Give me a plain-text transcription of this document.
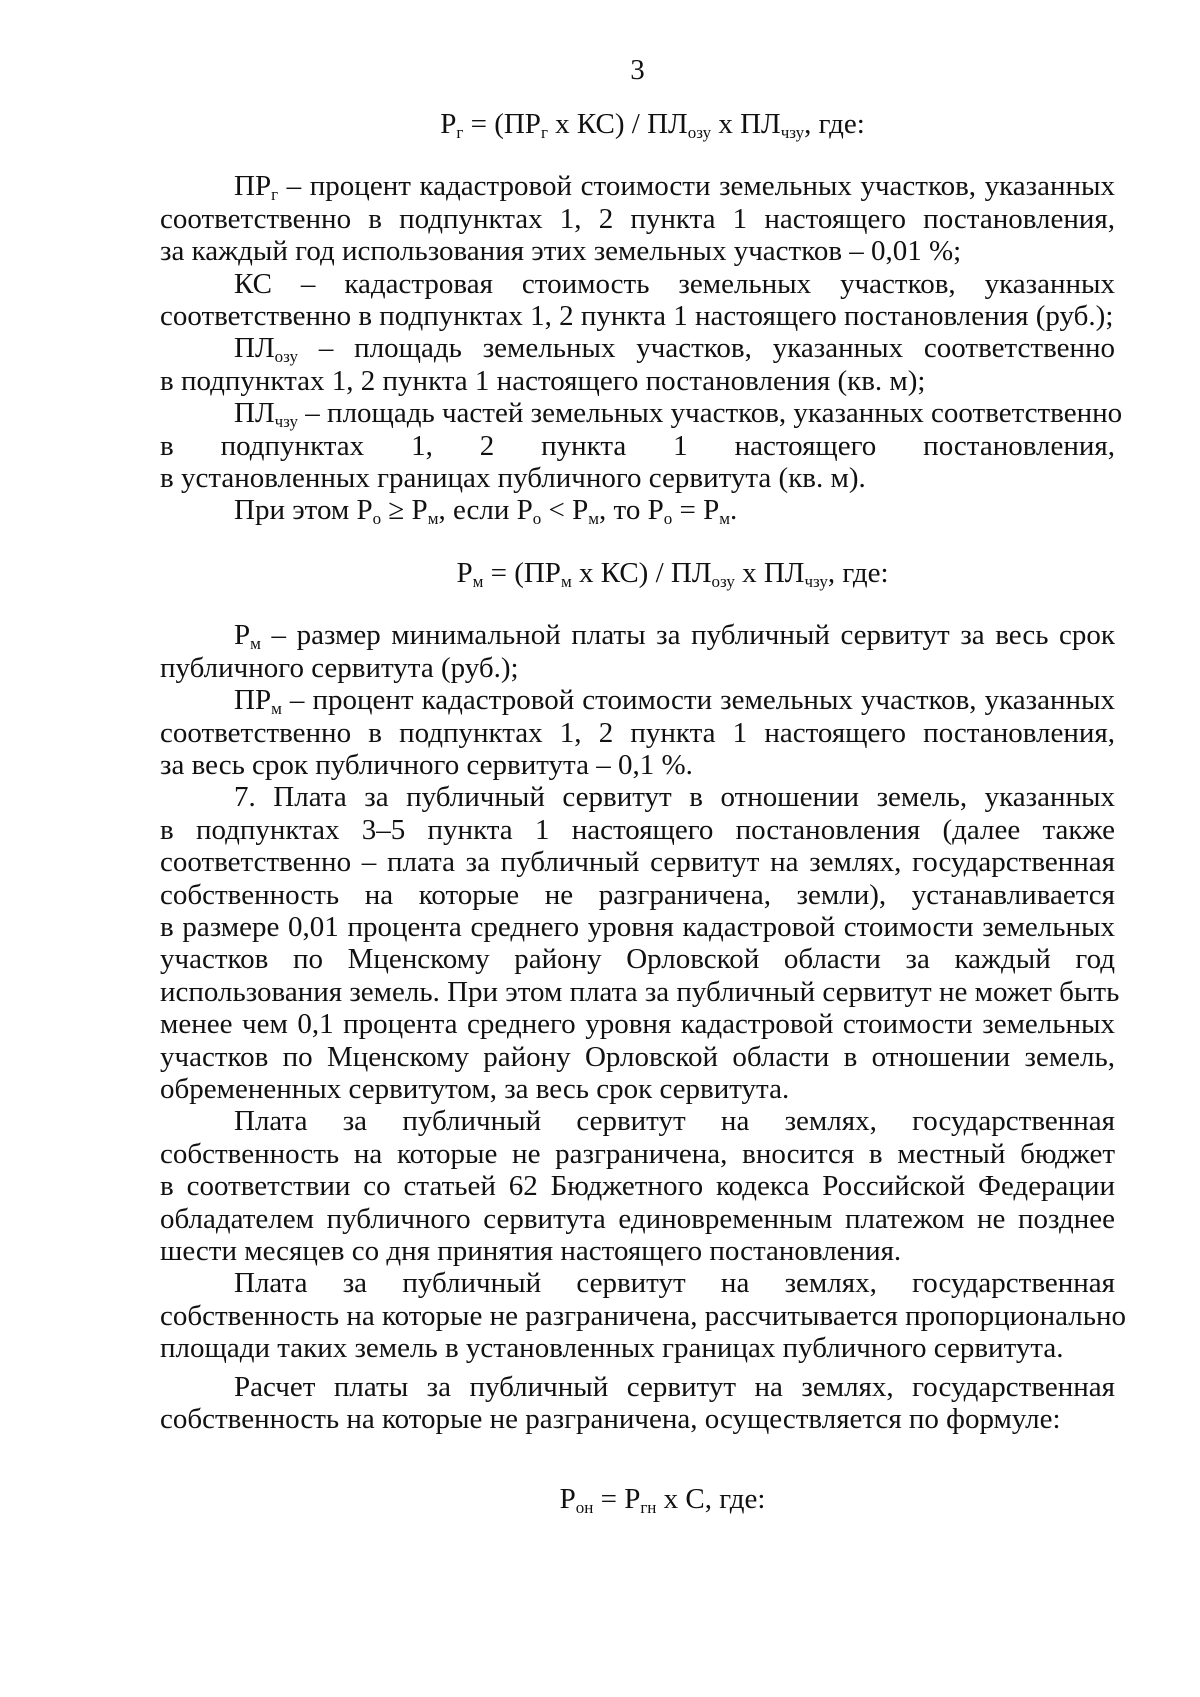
3

$Р_г = (ПР_г$ х $КС) / ПЛ_{озу}$ х $ПЛ_{чзу}$, где:

$ПР_г$ – процент кадастровой стоимости земельных участков, указанных
соответственно в подпунктах 1, 2 пункта 1 настоящего постановления,
за каждый год использования этих земельных участков – 0,01 %;
КС – кадастровая стоимость земельных участков, указанных
соответственно в подпунктах 1, 2 пункта 1 настоящего постановления (руб.);
$ПЛ_{озу}$ – площадь земельных участков, указанных соответственно
в подпунктах 1, 2 пункта 1 настоящего постановления (кв. м);
$ПЛ_{чзу}$ – площадь частей земельных участков, указанных соответственно
в подпунктах 1, 2 пункта 1 настоящего постановления,
в установленных границах публичного сервитута (кв. м).
При этом $Р_о \ge Р_м$, если $Р_о < Р_м$, то $Р_о = Р_м$.

$Р_м = (ПР_м$ х $КС) / ПЛ_{озу}$ х $ПЛ_{чзу}$, где:

$Р_м$ – размер минимальной платы за публичный сервитут за весь срок
публичного сервитута (руб.);
$ПР_м$ – процент кадастровой стоимости земельных участков, указанных
соответственно в подпунктах 1, 2 пункта 1 настоящего постановления,
за весь срок публичного сервитута – 0,1 %.
7. Плата за публичный сервитут в отношении земель, указанных
в подпунктах 3–5 пункта 1 настоящего постановления (далее также
соответственно – плата за публичный сервитут на землях, государственная
собственность на которые не разграничена, земли), устанавливается
в размере 0,01 процента среднего уровня кадастровой стоимости земельных
участков по Мценскому району Орловской области за каждый год
использования земель. При этом плата за публичный сервитут не может быть
менее чем 0,1 процента среднего уровня кадастровой стоимости земельных
участков по Мценскому району Орловской области в отношении земель,
обремененных сервитутом, за весь срок сервитута.
Плата за публичный сервитут на землях, государственная
собственность на которые не разграничена, вносится в местный бюджет
в соответствии со статьей 62 Бюджетного кодекса Российской Федерации
обладателем публичного сервитута единовременным платежом не позднее
шести месяцев со дня принятия настоящего постановления.
Плата за публичный сервитут на землях, государственная
собственность на которые не разграничена, рассчитывается пропорционально
площади таких земель в установленных границах публичного сервитута.
Расчет платы за публичный сервитут на землях, государственная
собственность на которые не разграничена, осуществляется по формуле:

$Р_{он} = Р_{гн}$ х С, где:
